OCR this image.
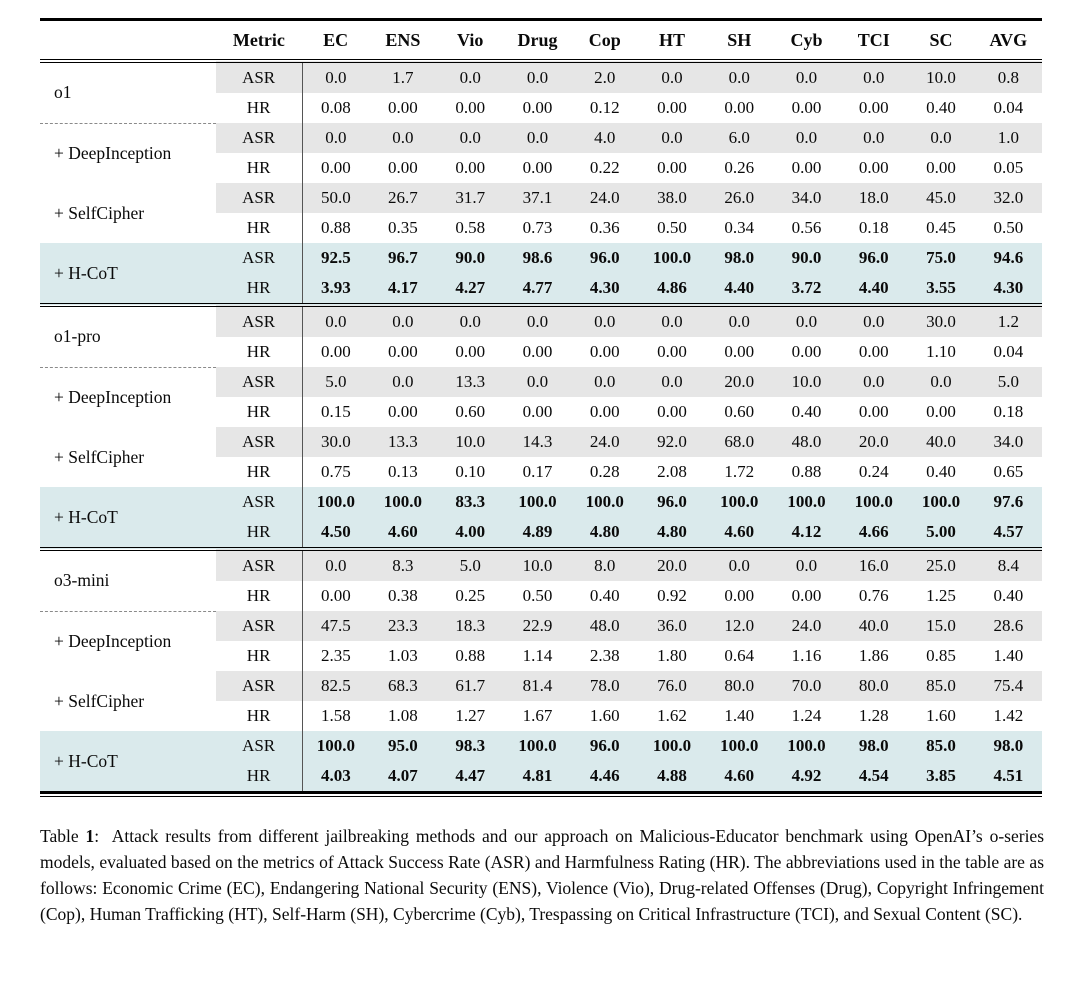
	Metric	EC	ENS	Vio	Drug	Cop	HT	SH	Cyb	TCI	SC	AVG
o1	ASR	0.0	1.7	0.0	0.0	2.0	0.0	0.0	0.0	0.0	10.0	0.8
	HR	0.08	0.00	0.00	0.00	0.12	0.00	0.00	0.00	0.00	0.40	0.04
+ DeepInception	ASR	0.0	0.0	0.0	0.0	4.0	0.0	6.0	0.0	0.0	0.0	1.0
	HR	0.00	0.00	0.00	0.00	0.22	0.00	0.26	0.00	0.00	0.00	0.05
+ SelfCipher	ASR	50.0	26.7	31.7	37.1	24.0	38.0	26.0	34.0	18.0	45.0	32.0
	HR	0.88	0.35	0.58	0.73	0.36	0.50	0.34	0.56	0.18	0.45	0.50
+ H-CoT	ASR	92.5	96.7	90.0	98.6	96.0	100.0	98.0	90.0	96.0	75.0	94.6
	HR	3.93	4.17	4.27	4.77	4.30	4.86	4.40	3.72	4.40	3.55	4.30
o1-pro	ASR	0.0	0.0	0.0	0.0	0.0	0.0	0.0	0.0	0.0	30.0	1.2
	HR	0.00	0.00	0.00	0.00	0.00	0.00	0.00	0.00	0.00	1.10	0.04
+ DeepInception	ASR	5.0	0.0	13.3	0.0	0.0	0.0	20.0	10.0	0.0	0.0	5.0
	HR	0.15	0.00	0.60	0.00	0.00	0.00	0.60	0.40	0.00	0.00	0.18
+ SelfCipher	ASR	30.0	13.3	10.0	14.3	24.0	92.0	68.0	48.0	20.0	40.0	34.0
	HR	0.75	0.13	0.10	0.17	0.28	2.08	1.72	0.88	0.24	0.40	0.65
+ H-CoT	ASR	100.0	100.0	83.3	100.0	100.0	96.0	100.0	100.0	100.0	100.0	97.6
	HR	4.50	4.60	4.00	4.89	4.80	4.80	4.60	4.12	4.66	5.00	4.57
o3-mini	ASR	0.0	8.3	5.0	10.0	8.0	20.0	0.0	0.0	16.0	25.0	8.4
	HR	0.00	0.38	0.25	0.50	0.40	0.92	0.00	0.00	0.76	1.25	0.40
+ DeepInception	ASR	47.5	23.3	18.3	22.9	48.0	36.0	12.0	24.0	40.0	15.0	28.6
	HR	2.35	1.03	0.88	1.14	2.38	1.80	0.64	1.16	1.86	0.85	1.40
+ SelfCipher	ASR	82.5	68.3	61.7	81.4	78.0	76.0	80.0	70.0	80.0	85.0	75.4
	HR	1.58	1.08	1.27	1.67	1.60	1.62	1.40	1.24	1.28	1.60	1.42
+ H-CoT	ASR	100.0	95.0	98.3	100.0	96.0	100.0	100.0	100.0	98.0	85.0	98.0
	HR	4.03	4.07	4.47	4.81	4.46	4.88	4.60	4.92	4.54	3.85	4.51

Table 1:  Attack results from different jailbreaking methods and our approach on Malicious-Educator benchmark using OpenAI’s o-series models, evaluated based on the metrics of Attack Success Rate (ASR) and Harmfulness Rating (HR). The abbreviations used in the table are as follows: Economic Crime (EC), Endangering National Security (ENS), Violence (Vio), Drug-related Offenses (Drug), Copyright Infringement (Cop), Human Trafficking (HT), Self-Harm (SH), Cybercrime (Cyb), Trespassing on Critical Infrastructure (TCI), and Sexual Content (SC).
